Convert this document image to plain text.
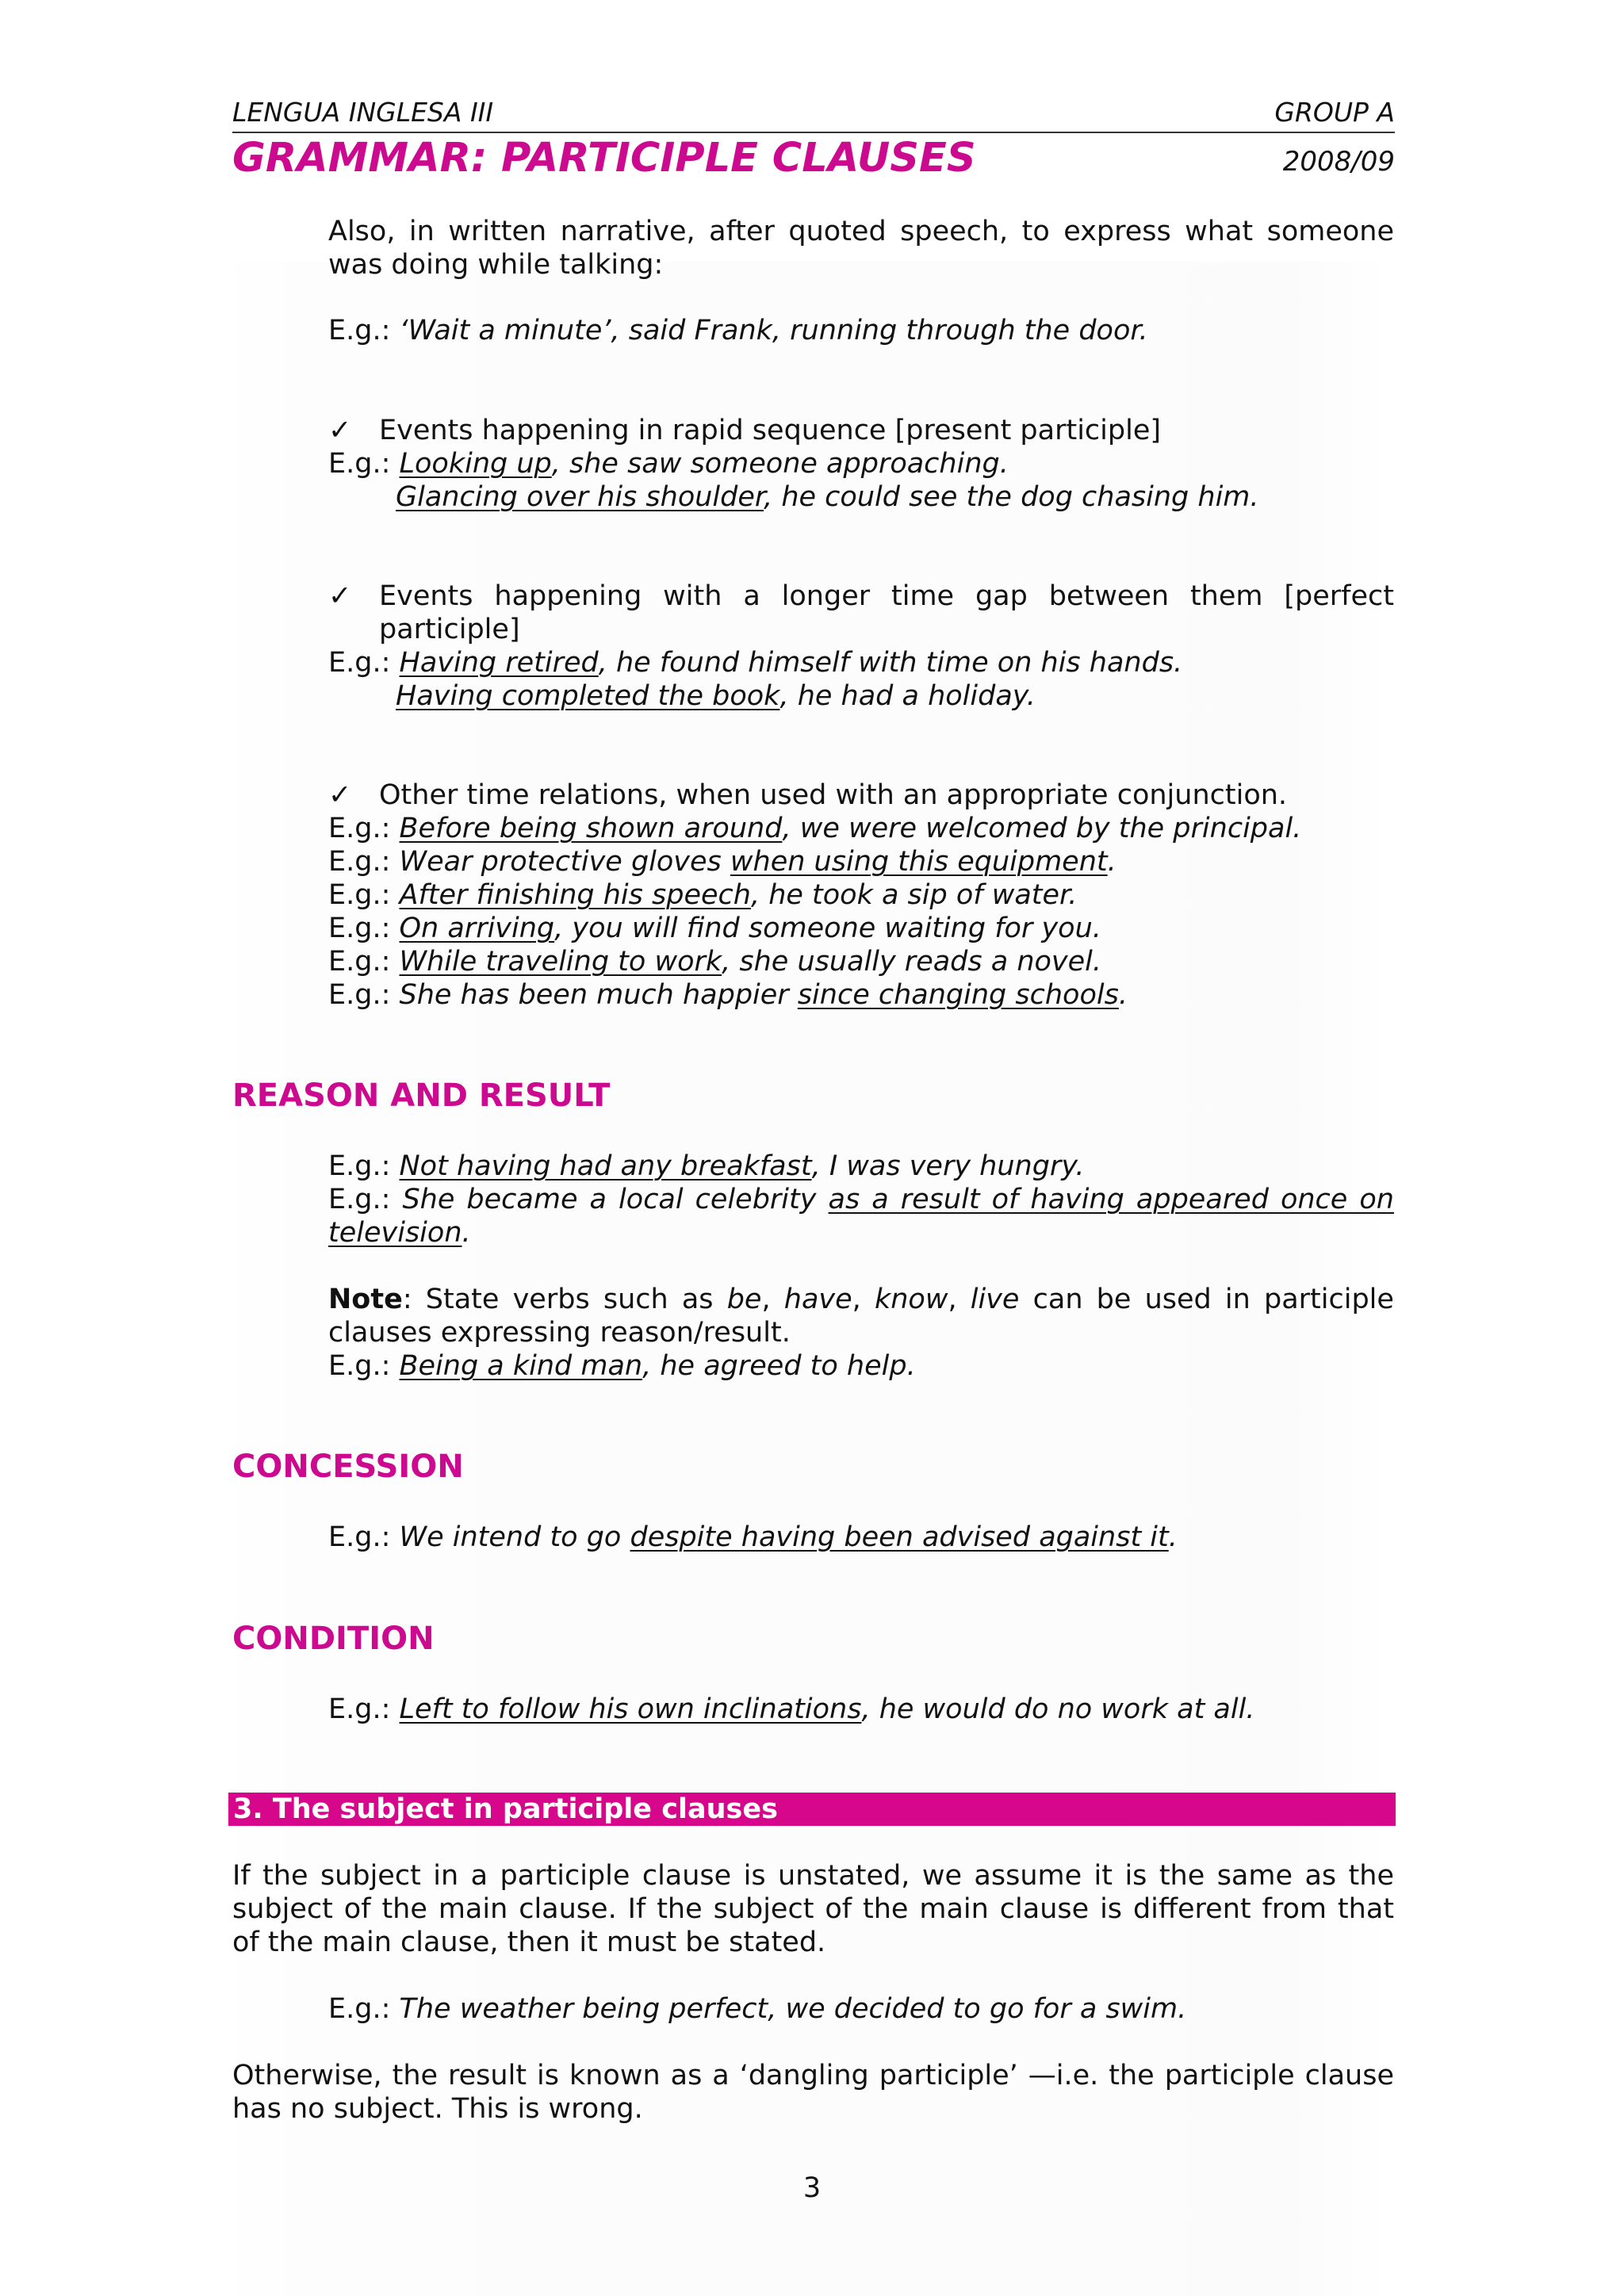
LENGUA INGLESA III	GROUP A
GRAMMAR: PARTICIPLE CLAUSES	2008/09
Also, in written narrative, after quoted speech, to express what someone was doing while talking:
E.g.: ‘Wait a minute’, said Frank, running through the door.
✓ Events happening in rapid sequence [present participle]
E.g.: Looking up, she saw someone approaching.
Glancing over his shoulder, he could see the dog chasing him.
✓ Events happening with a longer time gap between them [perfect participle]
E.g.: Having retired, he found himself with time on his hands.
Having completed the book, he had a holiday.
✓ Other time relations, when used with an appropriate conjunction.
E.g.: Before being shown around, we were welcomed by the principal.
E.g.: Wear protective gloves when using this equipment.
E.g.: After finishing his speech, he took a sip of water.
E.g.: On arriving, you will find someone waiting for you.
E.g.: While traveling to work, she usually reads a novel.
E.g.: She has been much happier since changing schools.
REASON AND RESULT
E.g.: Not having had any breakfast, I was very hungry.
E.g.: She became a local celebrity as a result of having appeared once on television.
Note: State verbs such as be, have, know, live can be used in participle clauses expressing reason/result.
E.g.: Being a kind man, he agreed to help.
CONCESSION
E.g.: We intend to go despite having been advised against it.
CONDITION
E.g.: Left to follow his own inclinations, he would do no work at all.
3. The subject in participle clauses
If the subject in a participle clause is unstated, we assume it is the same as the subject of the main clause. If the subject of the main clause is different from that of the main clause, then it must be stated.
E.g.: The weather being perfect, we decided to go for a swim.
Otherwise, the result is known as a ‘dangling participle’ —i.e. the participle clause has no subject. This is wrong.
3
